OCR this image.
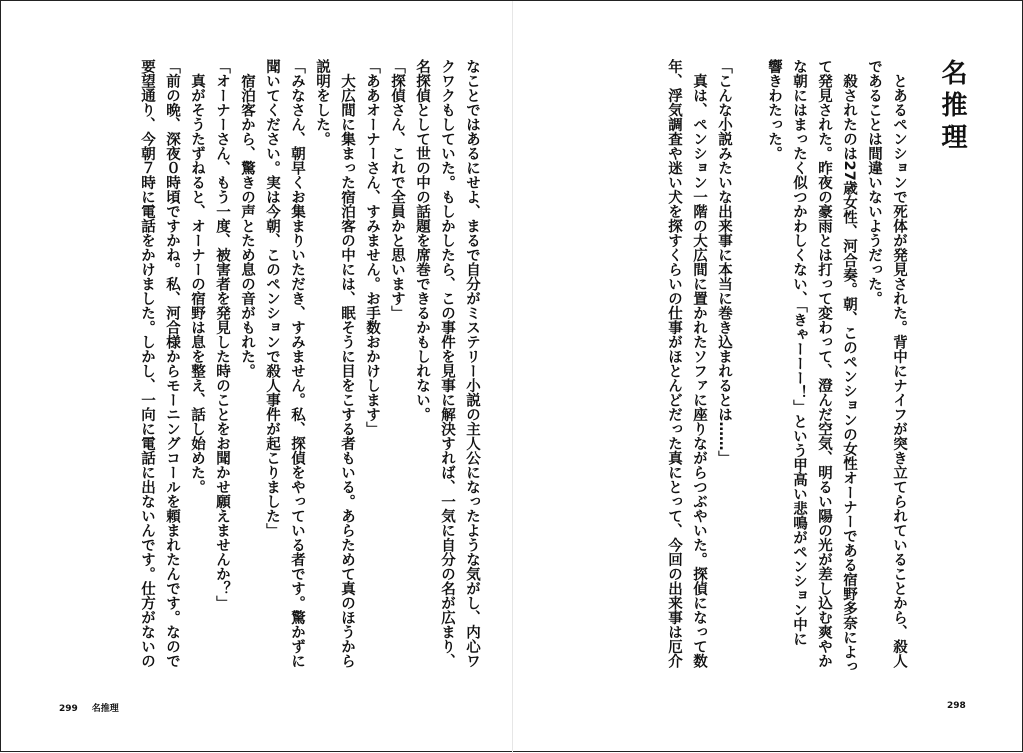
名推理
　とあるペンションで死体が発見された。背中にナイフが突き立てられていることから、殺人
であることは間違いないようだった。
　殺されたのは27歳女性、河合奏。朝、このペンションの女性オーナーである宿野多奈によっ
て発見された。昨夜の豪雨とは打って変わって、澄んだ空気、明るい陽の光が差し込む爽やか
な朝にはまったく似つかわしくない、「きゃーーー！」という甲高い悲鳴がペンション中に
響きわたった。

「こんな小説みたいな出来事に本当に巻き込まれるとは……」
　真は、ペンション一階の大広間に置かれたソファに座りながらつぶやいた。探偵になって数
年、浮気調査や迷い犬を探すくらいの仕事がほとんどだった真にとって、今回の出来事は厄介
なことではあるにせよ、まるで自分がミステリー小説の主人公になったような気がし、内心ワ
クワクもしていた。もしかしたら、この事件を見事に解決すれば、一気に自分の名が広まり、
名探偵として世の中の話題を席巻できるかもしれない。
「探偵さん、これで全員かと思います」
「ああオーナーさん、すみません。お手数おかけします」
　大広間に集まった宿泊客の中には、眠そうに目をこする者もいる。あらためて真のほうから
説明をした。
「みなさん、朝早くお集まりいただき、すみません。私、探偵をやっている者です。驚かずに
聞いてください。実は今朝、このペンションで殺人事件が起こりました」
　宿泊客から、驚きの声とため息の音がもれた。
「オーナーさん、もう一度、被害者を発見した時のことをお聞かせ願えませんか？」
　真がそうたずねると、オーナーの宿野は息を整え、話し始めた。
「前の晩、深夜０時頃ですかね。私、河合様からモーニングコールを頼まれたんです。なので
要望通り、今朝７時に電話をかけました。しかし、一向に電話に出ないんです。仕方がないの
299 名推理	298
